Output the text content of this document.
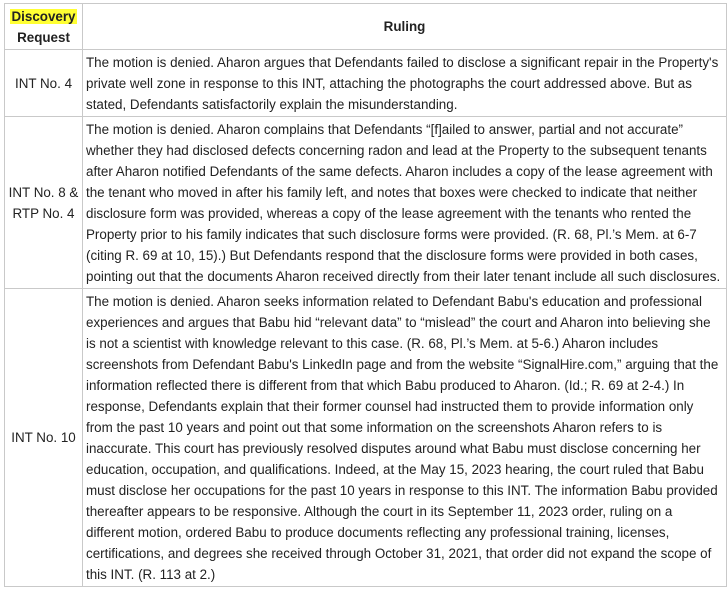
Discovery
Request	Ruling
INT No. 4	The motion is denied. Aharon argues that Defendants failed to disclose a significant repair in the Property's private well zone in response to this INT, attaching the photographs the court addressed above. But as stated, Defendants satisfactorily explain the misunderstanding.
INT No. 8 & RTP No. 4	The motion is denied. Aharon complains that Defendants “[f]ailed to answer, partial and not accurate” whether they had disclosed defects concerning radon and lead at the Property to the subsequent tenants after Aharon notified Defendants of the same defects. Aharon includes a copy of the lease agreement with the tenant who moved in after his family left, and notes that boxes were checked to indicate that neither disclosure form was provided, whereas a copy of the lease agreement with the tenants who rented the Property prior to his family indicates that such disclosure forms were provided. (R. 68, Pl.’s Mem. at 6-7 (citing R. 69 at 10, 15).) But Defendants respond that the disclosure forms were provided in both cases, pointing out that the documents Aharon received directly from their later tenant include all such disclosures.
INT No. 10	The motion is denied. Aharon seeks information related to Defendant Babu's education and professional experiences and argues that Babu hid “relevant data” to “mislead” the court and Aharon into believing she is not a scientist with knowledge relevant to this case. (R. 68, Pl.’s Mem. at 5-6.) Aharon includes screenshots from Defendant Babu's LinkedIn page and from the website “SignalHire.com,” arguing that the information reflected there is different from that which Babu produced to Aharon. (Id.; R. 69 at 2-4.) In response, Defendants explain that their former counsel had instructed them to provide information only from the past 10 years and point out that some information on the screenshots Aharon refers to is inaccurate. This court has previously resolved disputes around what Babu must disclose concerning her education, occupation, and qualifications. Indeed, at the May 15, 2023 hearing, the court ruled that Babu must disclose her occupations for the past 10 years in response to this INT. The information Babu provided thereafter appears to be responsive. Although the court in its September 11, 2023 order, ruling on a different motion, ordered Babu to produce documents reflecting any professional training, licenses, certifications, and degrees she received through October 31, 2021, that order did not expand the scope of this INT. (R. 113 at 2.)
